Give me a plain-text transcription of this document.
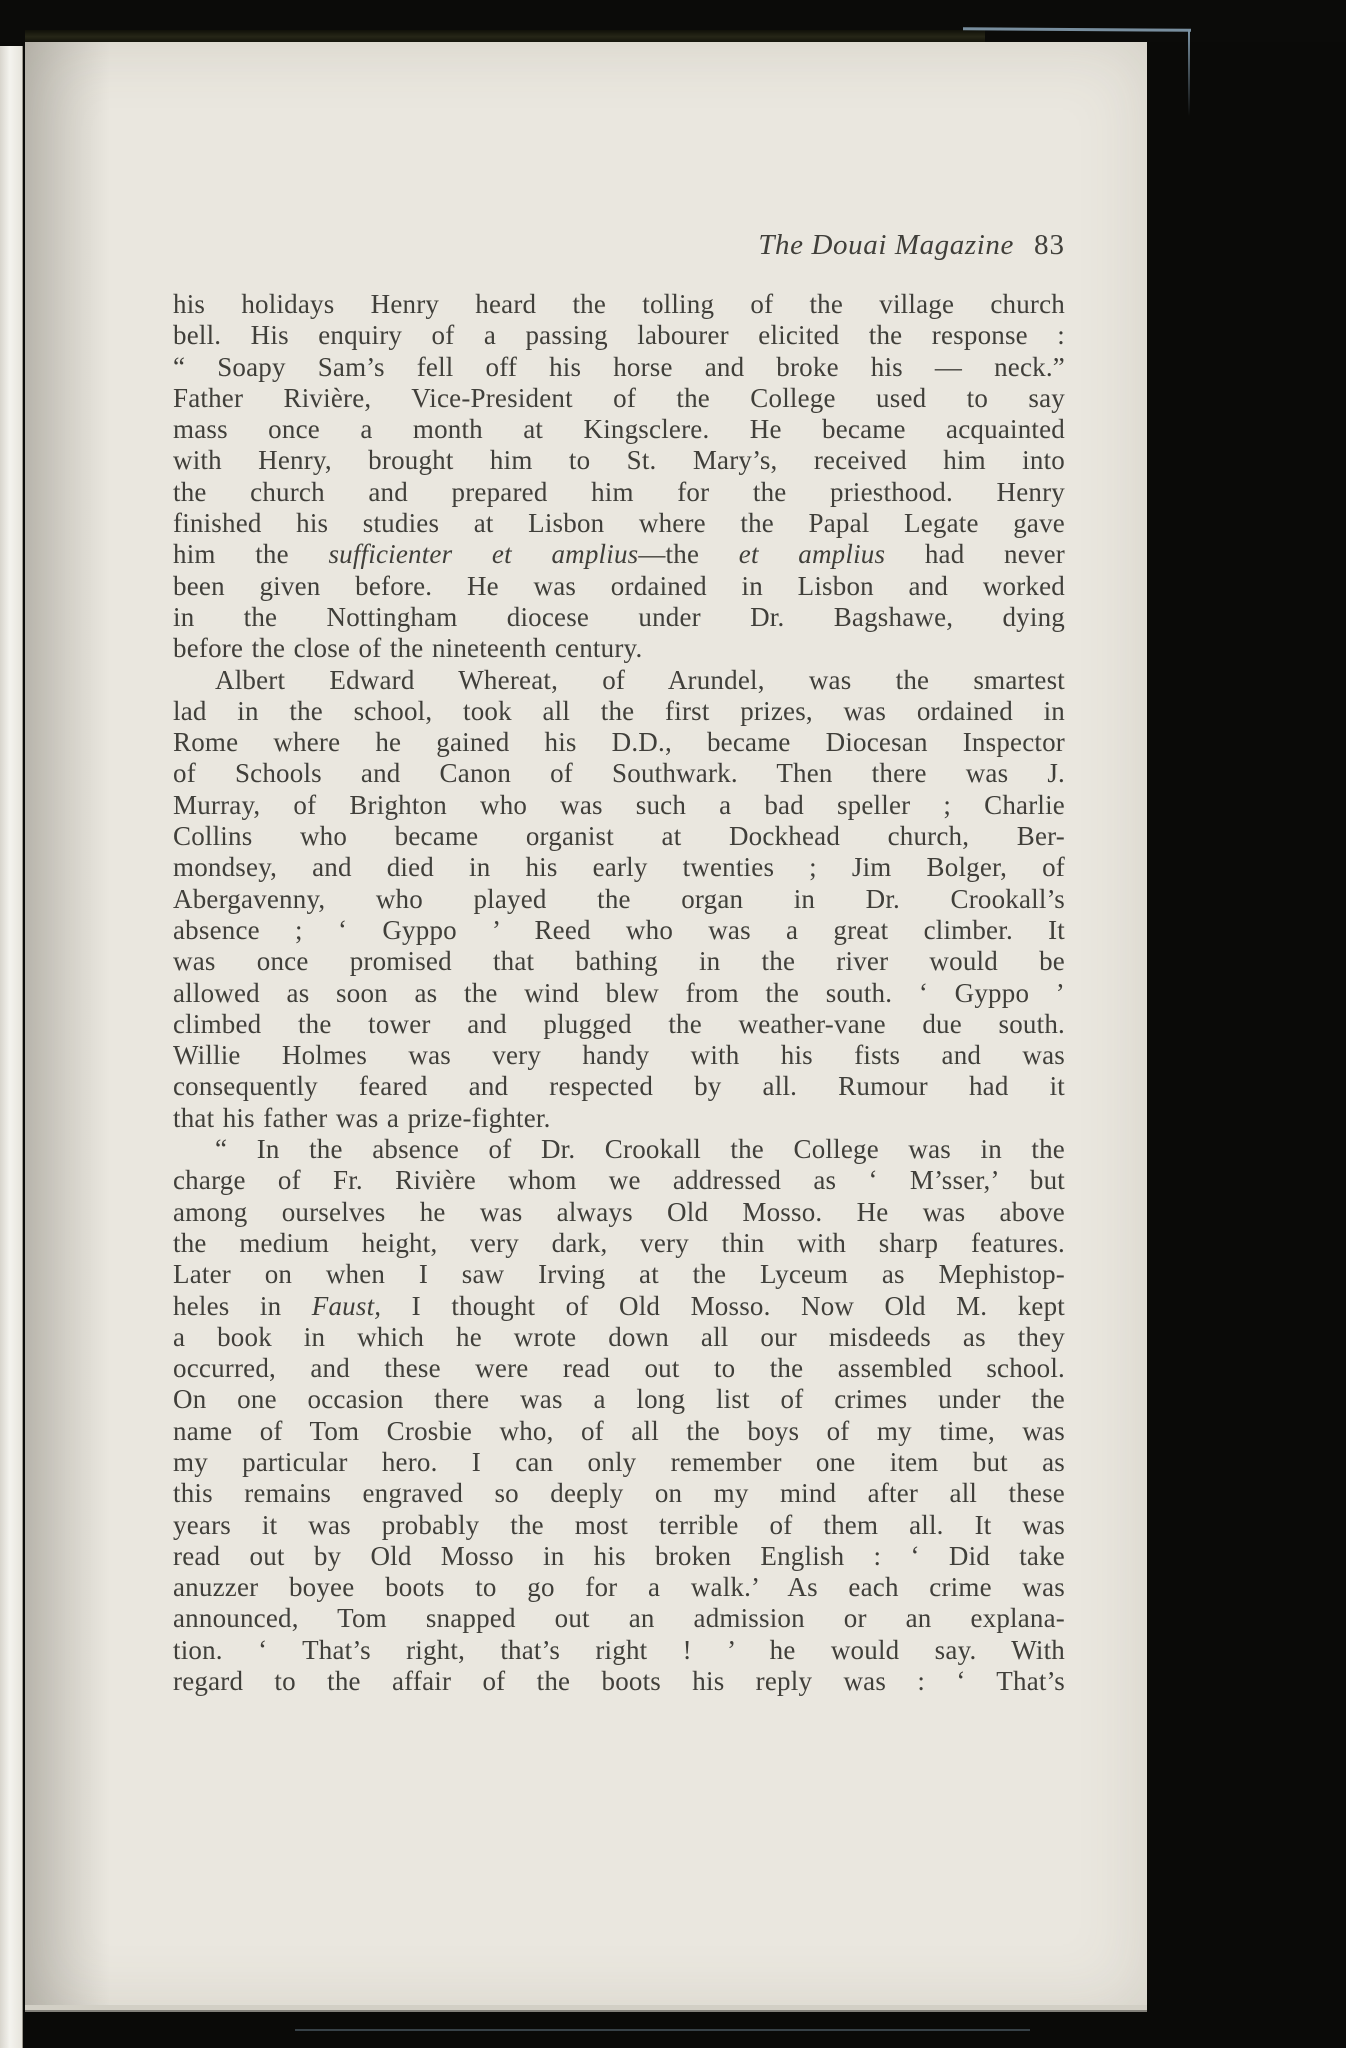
The Douai Magazine 83
his holidays Henry heard the tolling of the village church
bell. His enquiry of a passing labourer elicited the response :
“ Soapy Sam’s fell off his horse and broke his — neck.”
Father Rivière, Vice-President of the College used to say
mass once a month at Kingsclere. He became acquainted
with Henry, brought him to St. Mary’s, received him into
the church and prepared him for the priesthood. Henry
finished his studies at Lisbon where the Papal Legate gave
him the sufficienter et amplius—the et amplius had never
been given before. He was ordained in Lisbon and worked
in the Nottingham diocese under Dr. Bagshawe, dying
before the close of the nineteenth century.
Albert Edward Whereat, of Arundel, was the smartest
lad in the school, took all the first prizes, was ordained in
Rome where he gained his D.D., became Diocesan Inspector
of Schools and Canon of Southwark. Then there was J.
Murray, of Brighton who was such a bad speller ; Charlie
Collins who became organist at Dockhead church, Ber-
mondsey, and died in his early twenties ; Jim Bolger, of
Abergavenny, who played the organ in Dr. Crookall’s
absence ; ‘ Gyppo ’ Reed who was a great climber. It
was once promised that bathing in the river would be
allowed as soon as the wind blew from the south. ‘ Gyppo ’
climbed the tower and plugged the weather-vane due south.
Willie Holmes was very handy with his fists and was
consequently feared and respected by all. Rumour had it
that his father was a prize-fighter.
“ In the absence of Dr. Crookall the College was in the
charge of Fr. Rivière whom we addressed as ‘ M’sser,’ but
among ourselves he was always Old Mosso. He was above
the medium height, very dark, very thin with sharp features.
Later on when I saw Irving at the Lyceum as Mephistop-
heles in Faust, I thought of Old Mosso. Now Old M. kept
a book in which he wrote down all our misdeeds as they
occurred, and these were read out to the assembled school.
On one occasion there was a long list of crimes under the
name of Tom Crosbie who, of all the boys of my time, was
my particular hero. I can only remember one item but as
this remains engraved so deeply on my mind after all these
years it was probably the most terrible of them all. It was
read out by Old Mosso in his broken English : ‘ Did take
anuzzer boyee boots to go for a walk.’ As each crime was
announced, Tom snapped out an admission or an explana-
tion. ‘ That’s right, that’s right ! ’ he would say. With
regard to the affair of the boots his reply was : ‘ That’s
